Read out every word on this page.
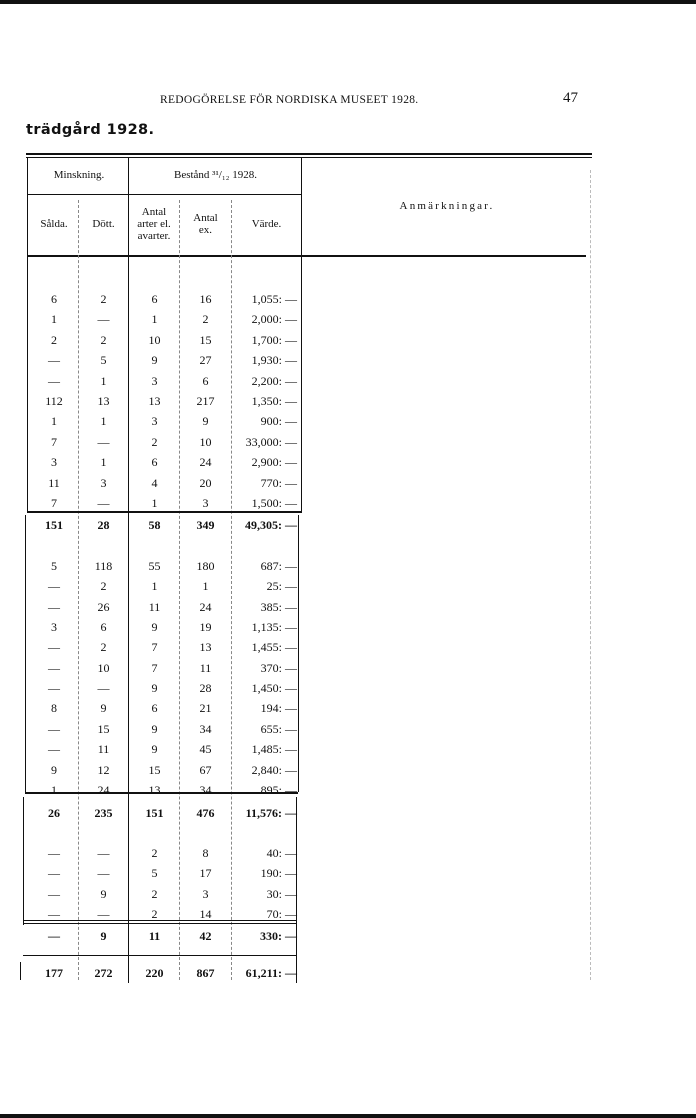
REDOGÖRELSE FÖR NORDISKA MUSEET 1928.	47
trädgård 1928.
Minskning.	Bestånd ³¹/₁₂ 1928.
Sålda.	Dött.
Antal
arter el.
avarter.
Antal
ex.	Värde.
Anmärkningar.
6	2	6	16	1,055: —
1	—	1	2	2,000: —
2	2	10	15	1,700: —
—	5	9	27	1,930: —
—	1	3	6	2,200: —
112	13	13	217	1,350: —
1	1	3	9	900: —
7	—	2	10	33,000: —
3	1	6	24	2,900: —
11	3	4	20	770: —
7	—	1	3	1,500: —
151	28	58	349	49,305: —
5	118	55	180	687: —
—	2	1	1	25: —
—	26	11	24	385: —
3	6	9	19	1,135: —
—	2	7	13	1,455: —
—	10	7	11	370: —
—	—	9	28	1,450: —
8	9	6	21	194: —
—	15	9	34	655: —
—	11	9	45	1,485: —
9	12	15	67	2,840: —
1	24	13	34	895: —
26	235	151	476	11,576: —
—	—	2	8	40: —
—	—	5	17	190: —
—	9	2	3	30: —
—	—	2	14	70: —
—	9	11	42	330: —
177	272	220	867	61,211: —
